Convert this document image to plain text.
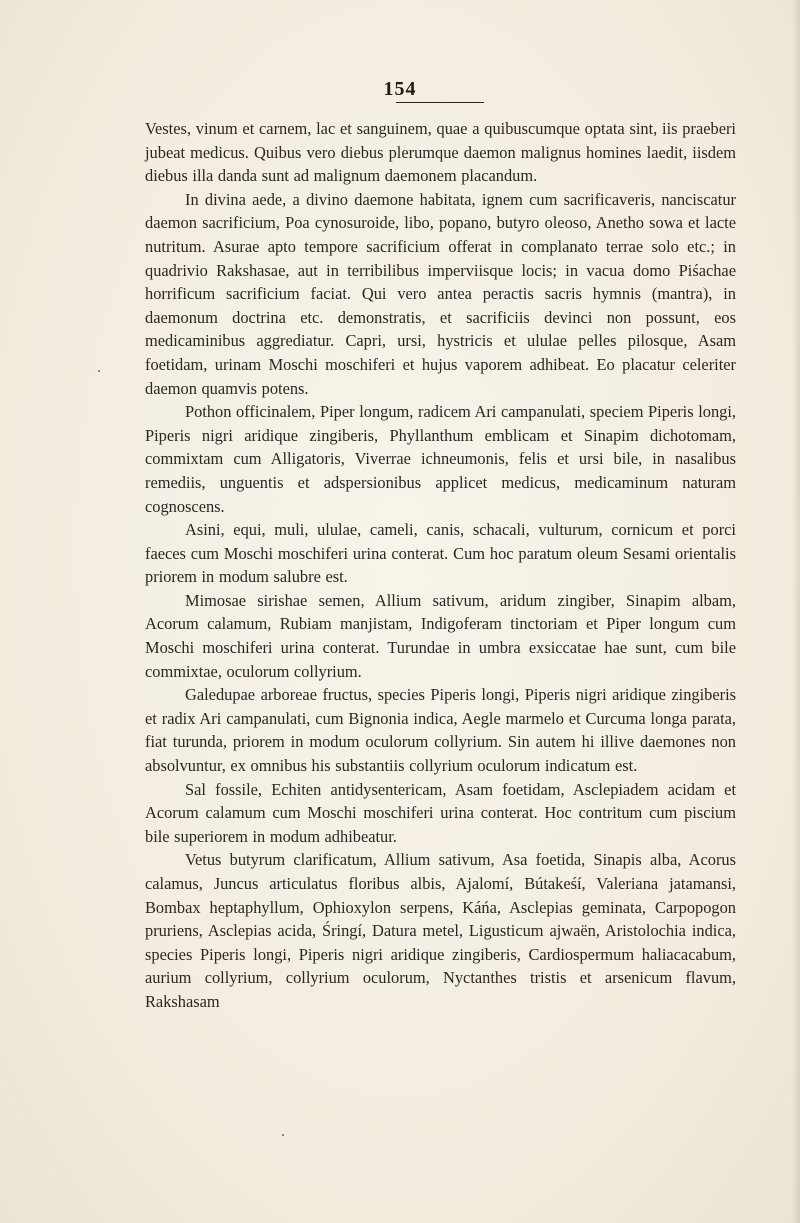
154

Vestes, vinum et carnem, lac et sanguinem, quae a quibuscumque optata sint, iis praeberi jubeat medicus. Quibus vero diebus plerumque daemon malignus homines laedit, iisdem diebus illa danda sunt ad malignum daemonem placandum.

In divina aede, a divino daemone habitata, ignem cum sacrificaveris, nanciscatur daemon sacrificium, Poa cynosuroide, libo, popano, butyro oleoso, Anetho sowa et lacte nutritum. Asurae apto tempore sacrificium offerat in complanato terrae solo etc.; in quadrivio Rakshasae, aut in terribilibus imperviisque locis; in vacua domo Piśachae horrificum sacrificium faciat. Qui vero antea peractis sacris hymnis (mantra), in daemonum doctrina etc. demonstratis, et sacrificiis devinci non possunt, eos medicaminibus aggrediatur. Capri, ursi, hystricis et ululae pelles pilosque, Asam foetidam, urinam Moschi moschiferi et hujus vaporem adhibeat. Eo placatur celeriter daemon quamvis potens.

Pothon officinalem, Piper longum, radicem Ari campanulati, speciem Piperis longi, Piperis nigri aridique zingiberis, Phyllanthum emblicam et Sinapim dichotomam, commixtam cum Alligatoris, Viverrae ichneumonis, felis et ursi bile, in nasalibus remediis, unguentis et adspersionibus applicet medicus, medicaminum naturam cognoscens.

Asini, equi, muli, ululae, cameli, canis, schacali, vulturum, cornicum et porci faeces cum Moschi moschiferi urina conterat. Cum hoc paratum oleum Sesami orientalis priorem in modum salubre est.

Mimosae sirishae semen, Allium sativum, aridum zingiber, Sinapim albam, Acorum calamum, Rubiam manjistam, Indigoferam tinctoriam et Piper longum cum Moschi moschiferi urina conterat. Turundae in umbra exsiccatae hae sunt, cum bile commixtae, oculorum collyrium.

Galedupae arboreae fructus, species Piperis longi, Piperis nigri aridique zingiberis et radix Ari campanulati, cum Bignonia indica, Aegle marmelo et Curcuma longa parata, fiat turunda, priorem in modum oculorum collyrium. Sin autem hi illive daemones non absolvuntur, ex omnibus his substantiis collyrium oculorum indicatum est.

Sal fossile, Echiten antidysentericam, Asam foetidam, Asclepiadem acidam et Acorum calamum cum Moschi moschiferi urina conterat. Hoc contritum cum piscium bile superiorem in modum adhibeatur.

Vetus butyrum clarificatum, Allium sativum, Asa foetida, Sinapis alba, Acorus calamus, Juncus articulatus floribus albis, Ajalomí, Bútakeśí, Valeriana jatamansi, Bombax heptaphyllum, Ophioxylon serpens, Káńa, Asclepias geminata, Carpopogon pruriens, Asclepias acida, Śringí, Datura metel, Ligusticum ajwaën, Aristolochia indica, species Piperis longi, Piperis nigri aridique zingiberis, Cardiospermum haliacacabum, aurium collyrium, collyrium oculorum, Nyctanthes tristis et arsenicum flavum, Rakshasam
